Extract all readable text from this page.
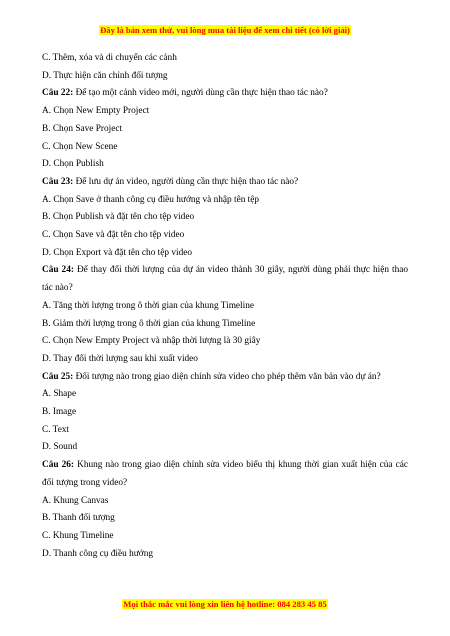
Đây là bản xem thử, vui lòng mua tài liệu để xem chi tiết (có lời giải)
C. Thêm, xóa và di chuyển các cảnh
D. Thực hiện căn chỉnh đối tượng
Câu 22: Để tạo một cảnh video mới, người dùng cần thực hiện thao tác nào?
A. Chọn New Empty Project
B. Chọn Save Project
C. Chọn New Scene
D. Chọn Publish
Câu 23: Để lưu dự án video, người dùng cần thực hiện thao tác nào?
A. Chọn Save ở thanh công cụ điều hướng và nhập tên tệp
B. Chọn Publish và đặt tên cho tệp video
C. Chọn Save và đặt tên cho tệp video
D. Chọn Export và đặt tên cho tệp video
Câu 24: Để thay đổi thời lượng của dự án video thành 30 giây, người dùng phải thực hiện thao tác nào?
A. Tăng thời lượng trong ô thời gian của khung Timeline
B. Giảm thời lượng trong ô thời gian của khung Timeline
C. Chọn New Empty Project và nhập thời lượng là 30 giây
D. Thay đổi thời lượng sau khi xuất video
Câu 25: Đối tượng nào trong giao diện chính sửa video cho phép thêm văn bản vào dự án?
A. Shape
B. Image
C. Text
D. Sound
Câu 26: Khung nào trong giao diện chỉnh sửa video biểu thị khung thời gian xuất hiện của các đối tượng trong video?
A. Khung Canvas
B. Thanh đối tượng
C. Khung Timeline
D. Thanh công cụ điều hướng
Mọi thắc mắc vui lòng xin liên hệ hotline: 084 283 45 85
